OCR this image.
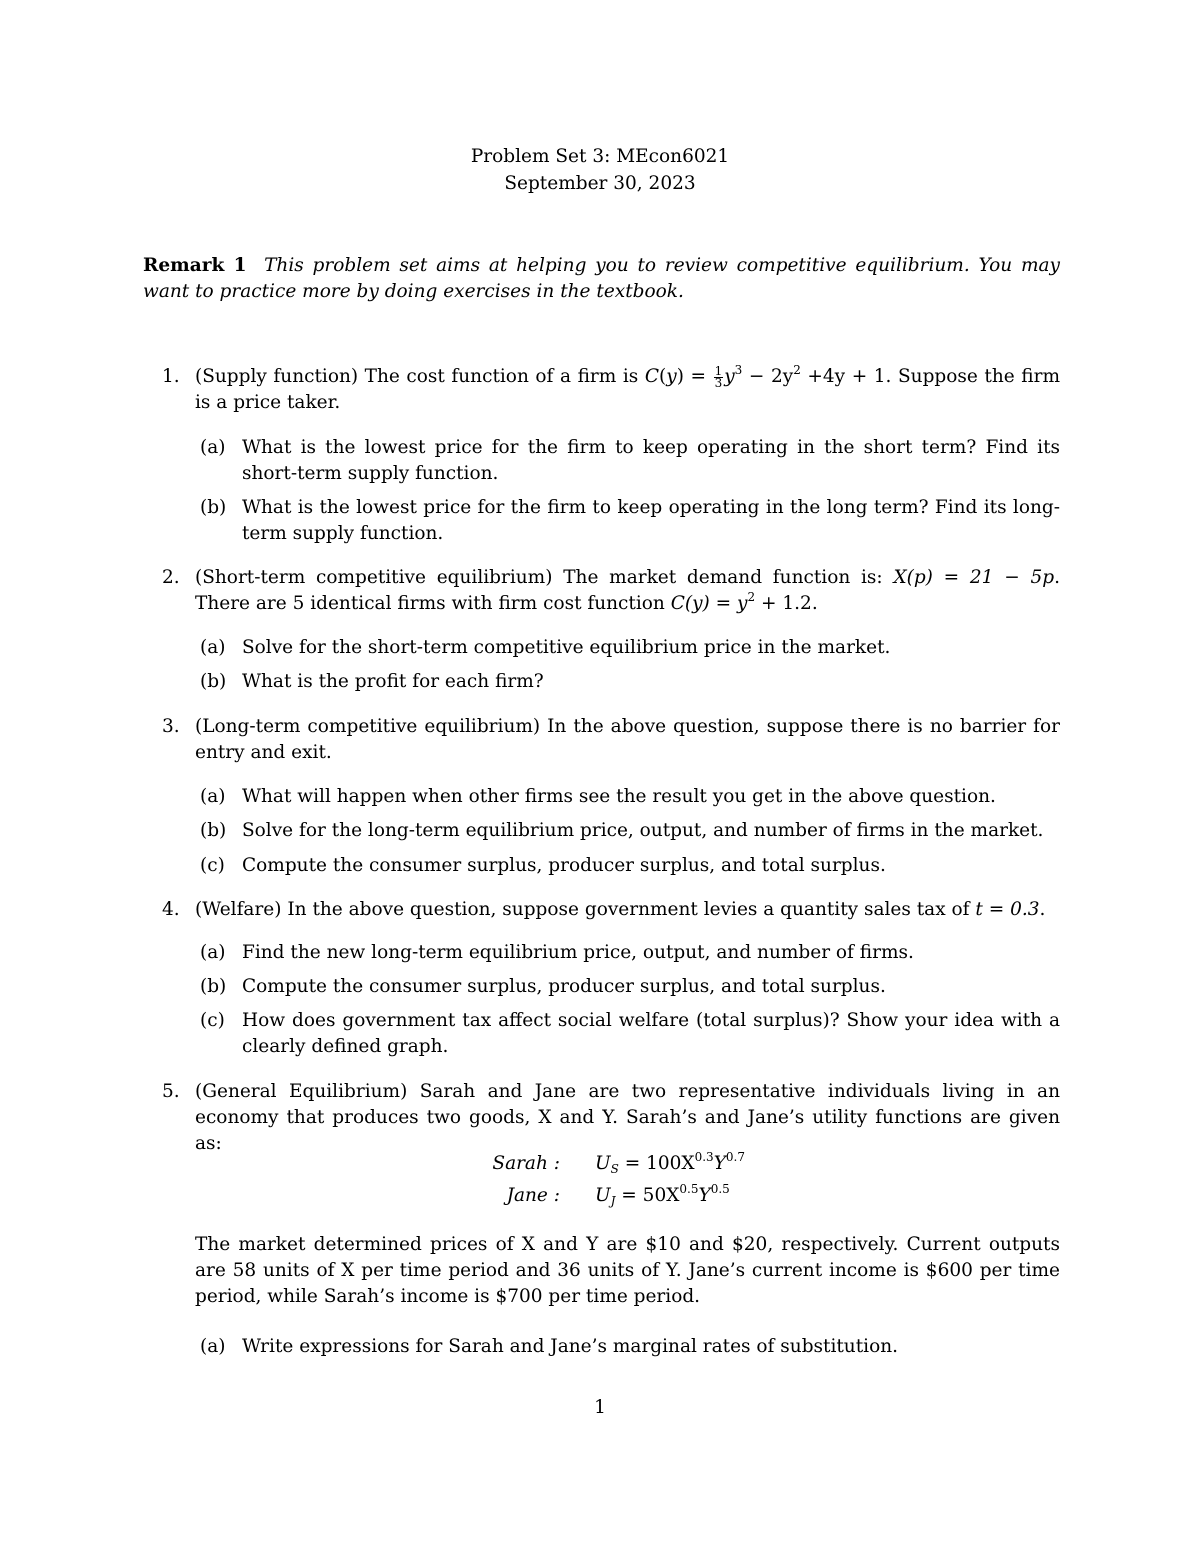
Problem Set 3: MEcon6021
September 30, 2023
Remark 1 This problem set aims at helping you to review competitive equilibrium. You may want to practice more by doing exercises in the textbook.
1. (Supply function) The cost function of a firm is $C(y) = \frac{1}{3} y^3 - 2y^2 +4y + 1$. Suppose the firm is a price taker.
(a) What is the lowest price for the firm to keep operating in the short term? Find its short-term supply function.
(b) What is the lowest price for the firm to keep operating in the long term? Find its long-term supply function.
2. (Short-term competitive equilibrium) The market demand function is: X(p) = 21 − 5p. There are 5 identical firms with firm cost function $C(y) = y^2 + 1.2$.
(a) Solve for the short-term competitive equilibrium price in the market.
(b) What is the profit for each firm?
3. (Long-term competitive equilibrium) In the above question, suppose there is no barrier for entry and exit.
(a) What will happen when other firms see the result you get in the above question.
(b) Solve for the long-term equilibrium price, output, and number of firms in the market.
(c) Compute the consumer surplus, producer surplus, and total surplus.
4. (Welfare) In the above question, suppose government levies a quantity sales tax of t = 0.3.
(a) Find the new long-term equilibrium price, output, and number of firms.
(b) Compute the consumer surplus, producer surplus, and total surplus.
(c) How does government tax affect social welfare (total surplus)? Show your idea with a clearly defined graph.
5. (General Equilibrium) Sarah and Jane are two representative individuals living in an economy that produces two goods, X and Y. Sarah’s and Jane’s utility functions are given as:
Sarah : $U_S = 100X^{0.3}Y^{0.7}$
Jane : $U_J = 50X^{0.5}Y^{0.5}$
The market determined prices of X and Y are $10 and $20, respectively. Current outputs are 58 units of X per time period and 36 units of Y. Jane’s current income is $600 per time period, while Sarah’s income is $700 per time period.
(a) Write expressions for Sarah and Jane’s marginal rates of substitution.
1
